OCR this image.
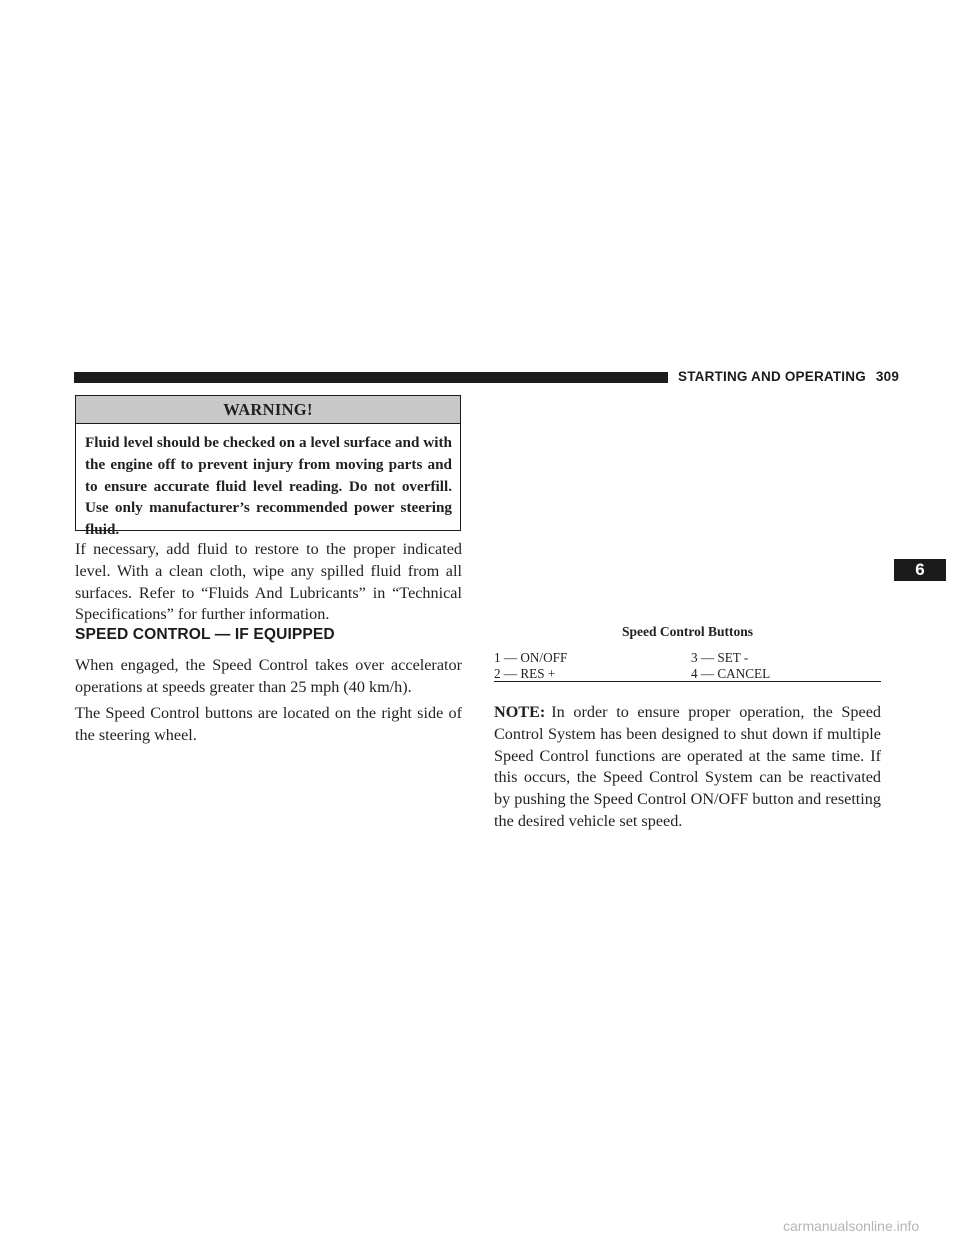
STARTING AND OPERATING 309
6
WARNING!
Fluid level should be checked on a level surface and with the engine off to prevent injury from moving parts and to ensure accurate fluid level reading. Do not overfill. Use only manufacturer’s recommended power steering fluid.
If necessary, add fluid to restore to the proper indicated level. With a clean cloth, wipe any spilled fluid from all surfaces. Refer to “Fluids And Lubricants” in “Technical Specifications” for further information.
SPEED CONTROL — IF EQUIPPED
When engaged, the Speed Control takes over accelerator operations at speeds greater than 25 mph (40 km/h).
The Speed Control buttons are located on the right side of the steering wheel.
Speed Control Buttons
1 — ON/OFF
2 — RES +
3 — SET -
4 — CANCEL
NOTE: In order to ensure proper operation, the Speed Control System has been designed to shut down if multiple Speed Control functions are operated at the same time. If this occurs, the Speed Control System can be reactivated by pushing the Speed Control ON/OFF button and resetting the desired vehicle set speed.
carmanualsonline.info
